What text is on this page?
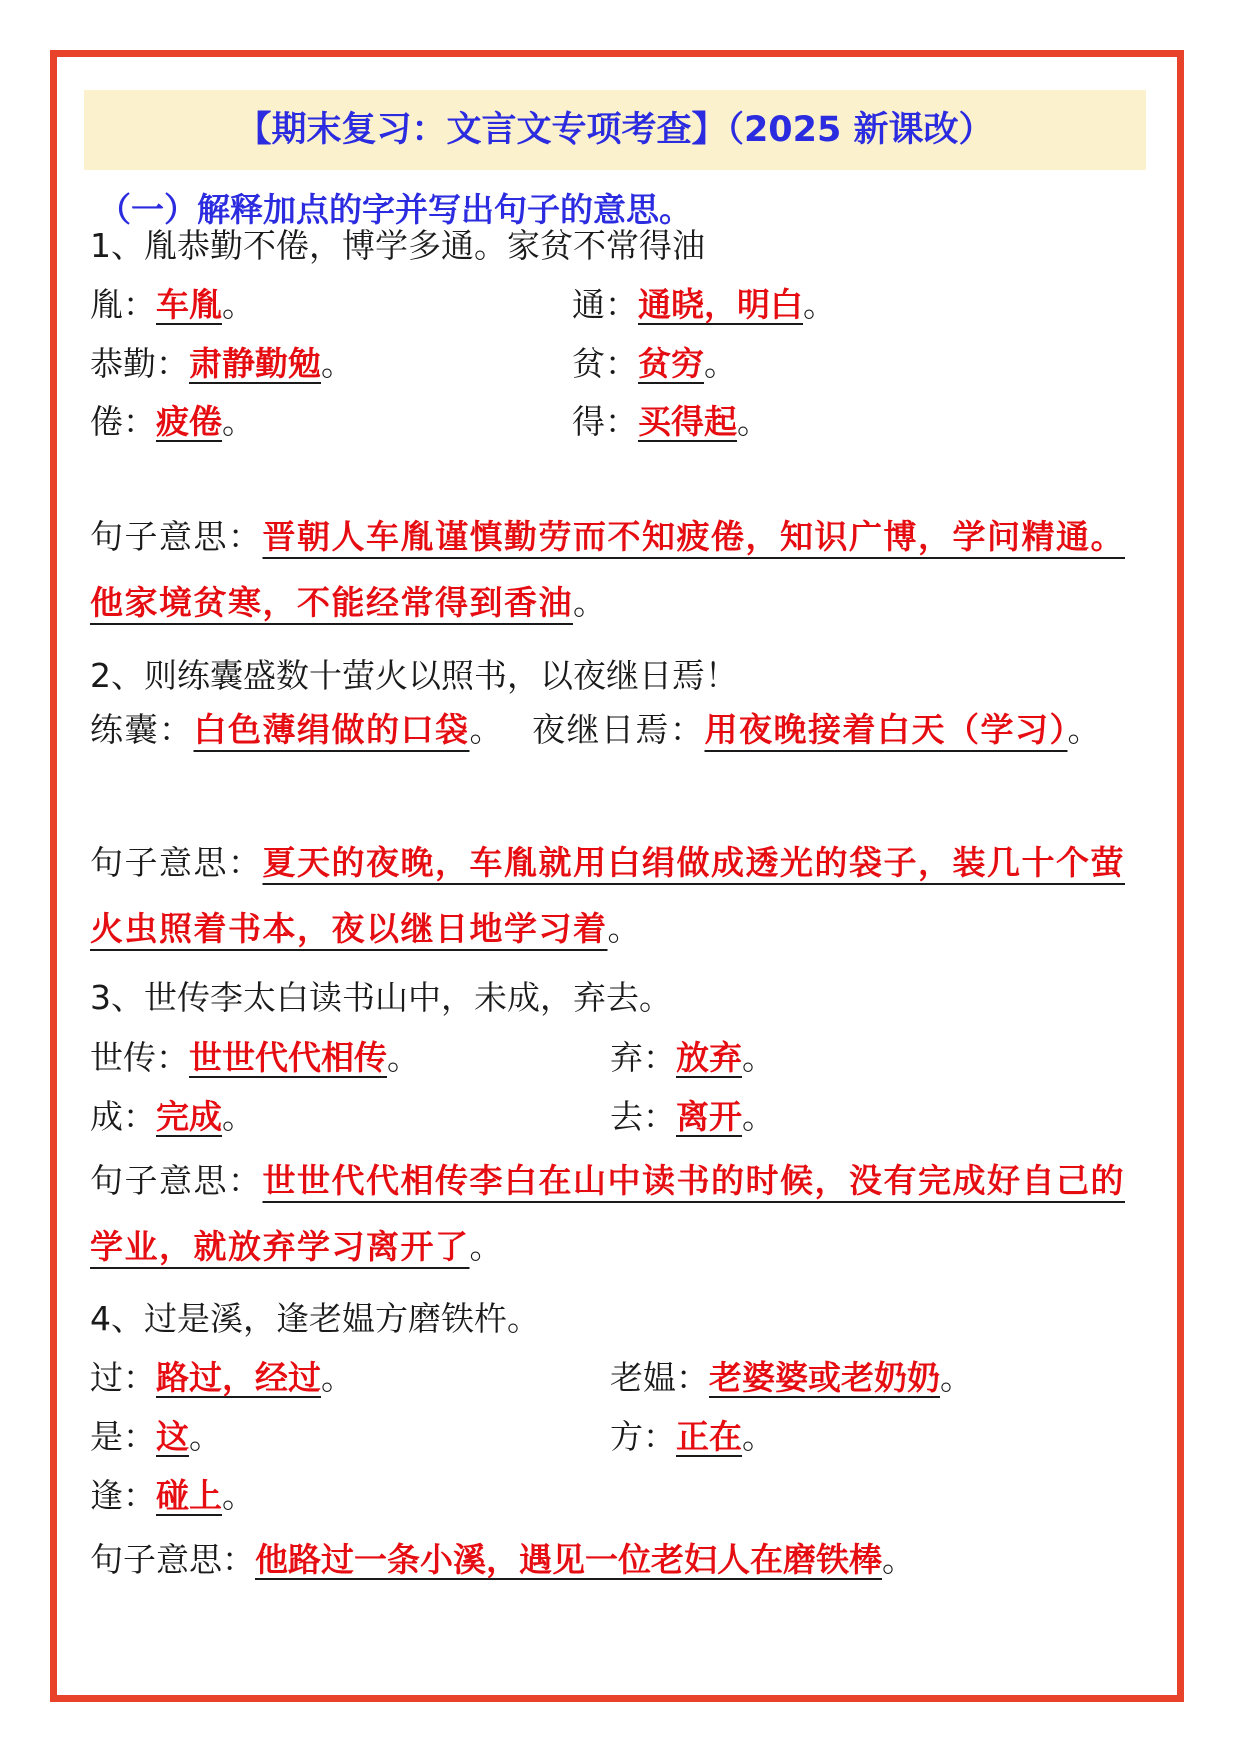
【期末复习：文言文专项考查】（2025 新课改）
（一）解释加点的字并写出句子的意思。
1、胤恭勤不倦，博学多通。家贫不常得油
胤：车胤。	通：通晓，明白。
恭勤：肃静勤勉。	贫：贫穷。
倦：疲倦。	得：买得起。
句子意思：晋朝人车胤谨慎勤劳而不知疲倦，知识广博，学问精通。他家境贫寒，不能经常得到香油。
2、则练囊盛数十萤火以照书，以夜继日焉！
练囊：白色薄绢做的口袋。 夜继日焉：用夜晚接着白天（学习）。
句子意思：夏天的夜晚，车胤就用白绢做成透光的袋子，装几十个萤火虫照着书本，夜以继日地学习着。
3、世传李太白读书山中，未成，弃去。
世传：世世代代相传。	弃：放弃。
成：完成。	去：离开。
句子意思：世世代代相传李白在山中读书的时候，没有完成好自己的学业，就放弃学习离开了。
4、过是溪，逢老媪方磨铁杵。
过：路过，经过。	老媪：老婆婆或老奶奶。
是：这。	方：正在。
逢：碰上。
句子意思：他路过一条小溪，遇见一位老妇人在磨铁棒。
